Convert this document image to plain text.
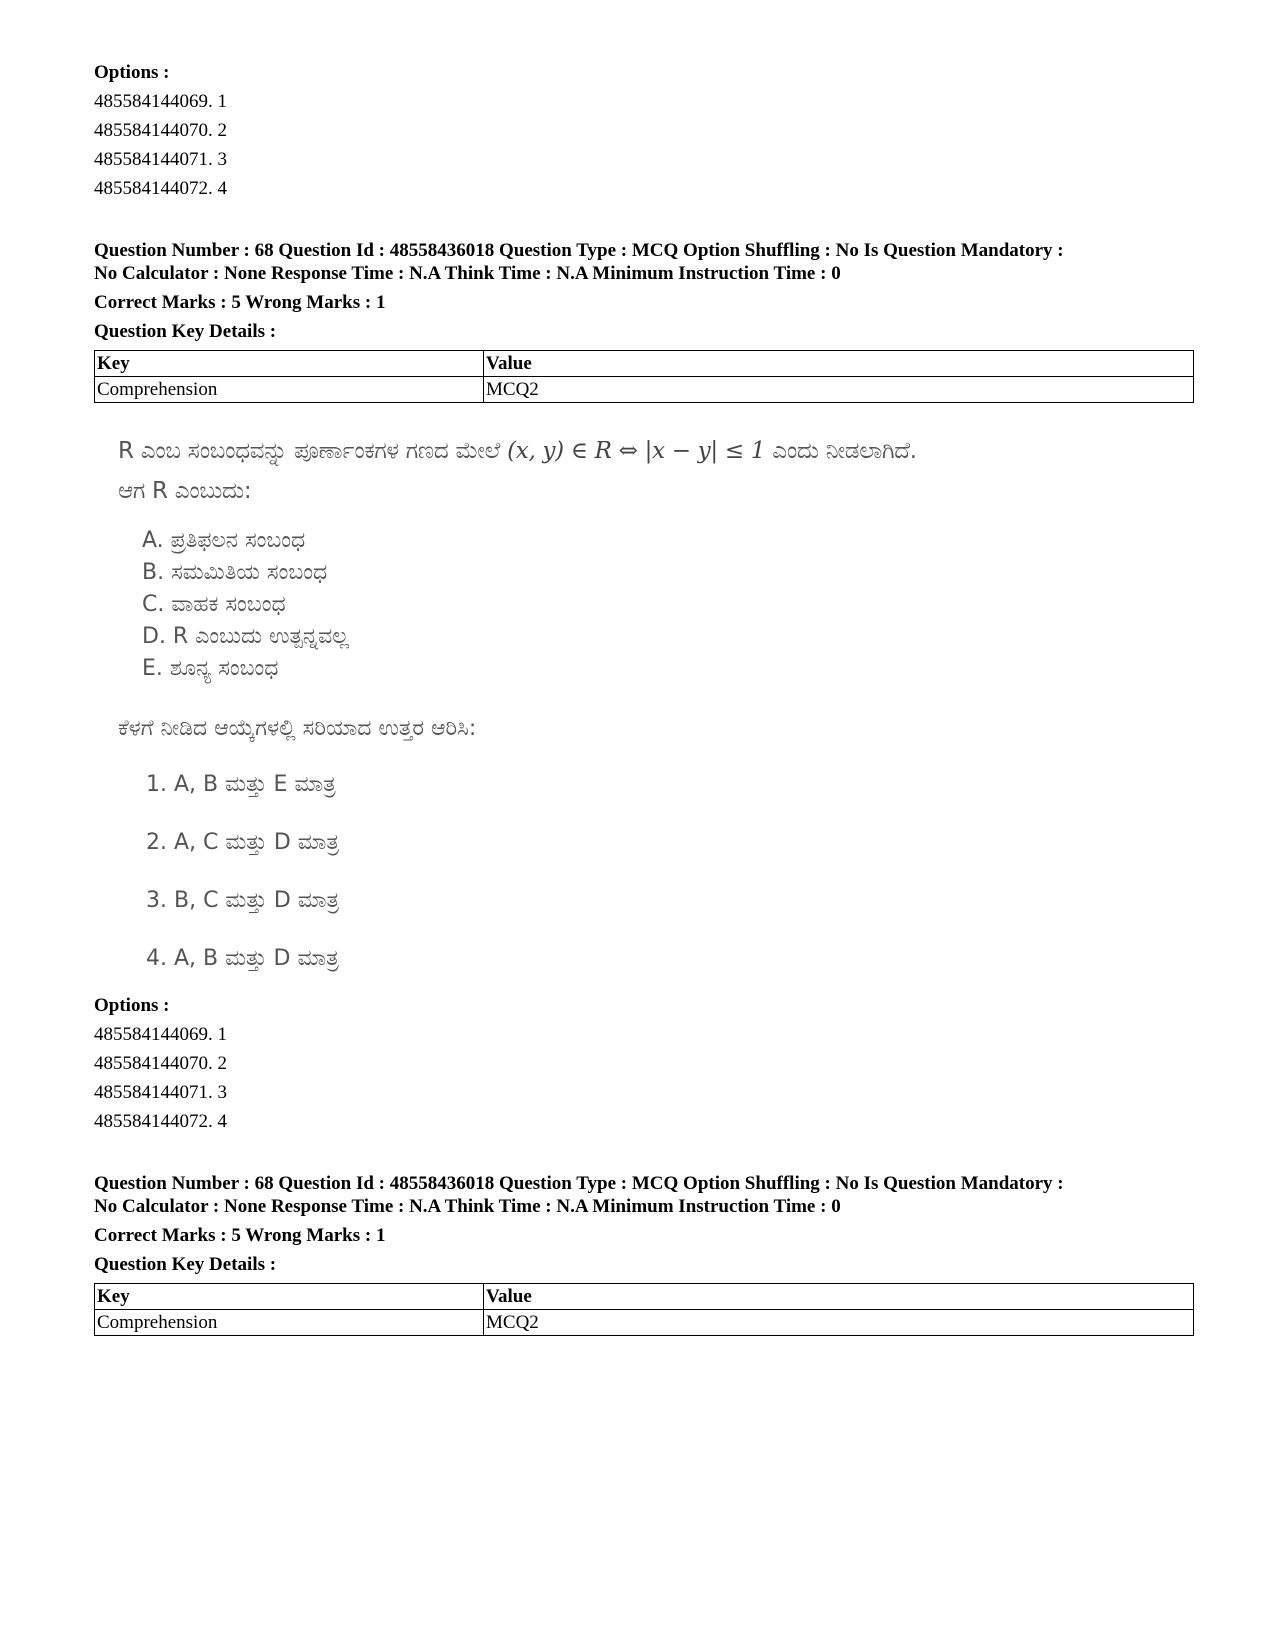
Options :
485584144069. 1
485584144070. 2
485584144071. 3
485584144072. 4
Question Number : 68 Question Id : 48558436018 Question Type : MCQ Option Shuffling : No Is Question Mandatory :
No Calculator : None Response Time : N.A Think Time : N.A Minimum Instruction Time : 0
Correct Marks : 5 Wrong Marks : 1
Question Key Details :
Key	Value
Comprehension	MCQ2
R ಎಂಬ ಸಂಬಂಧವನ್ನು ಪೂರ್ಣಾಂಕಗಳ ಗಣದ ಮೇಲೆ (x, y) ∈ R ⇔ |x − y| ≤ 1 ಎಂದು ನೀಡಲಾಗಿದೆ.
ಆಗ R ಎಂಬುದು:
A. ಪ್ರತಿಫಲನ ಸಂಬಂಧ
B. ಸಮಮಿತಿಯ ಸಂಬಂಧ
C. ವಾಹಕ ಸಂಬಂಧ
D. R ಎಂಬುದು ಉತ್ಪನ್ನವಲ್ಲ
E. ಶೂನ್ಯ ಸಂಬಂಧ
ಕೆಳಗೆ ನೀಡಿದ ಆಯ್ಕೆಗಳಲ್ಲಿ ಸರಿಯಾದ ಉತ್ತರ ಆರಿಸಿ:
1. A, B ಮತ್ತು E ಮಾತ್ರ
2. A, C ಮತ್ತು D ಮಾತ್ರ
3. B, C ಮತ್ತು D ಮಾತ್ರ
4. A, B ಮತ್ತು D ಮಾತ್ರ
Options :
485584144069. 1
485584144070. 2
485584144071. 3
485584144072. 4
Question Number : 68 Question Id : 48558436018 Question Type : MCQ Option Shuffling : No Is Question Mandatory :
No Calculator : None Response Time : N.A Think Time : N.A Minimum Instruction Time : 0
Correct Marks : 5 Wrong Marks : 1
Question Key Details :
Key	Value
Comprehension	MCQ2
